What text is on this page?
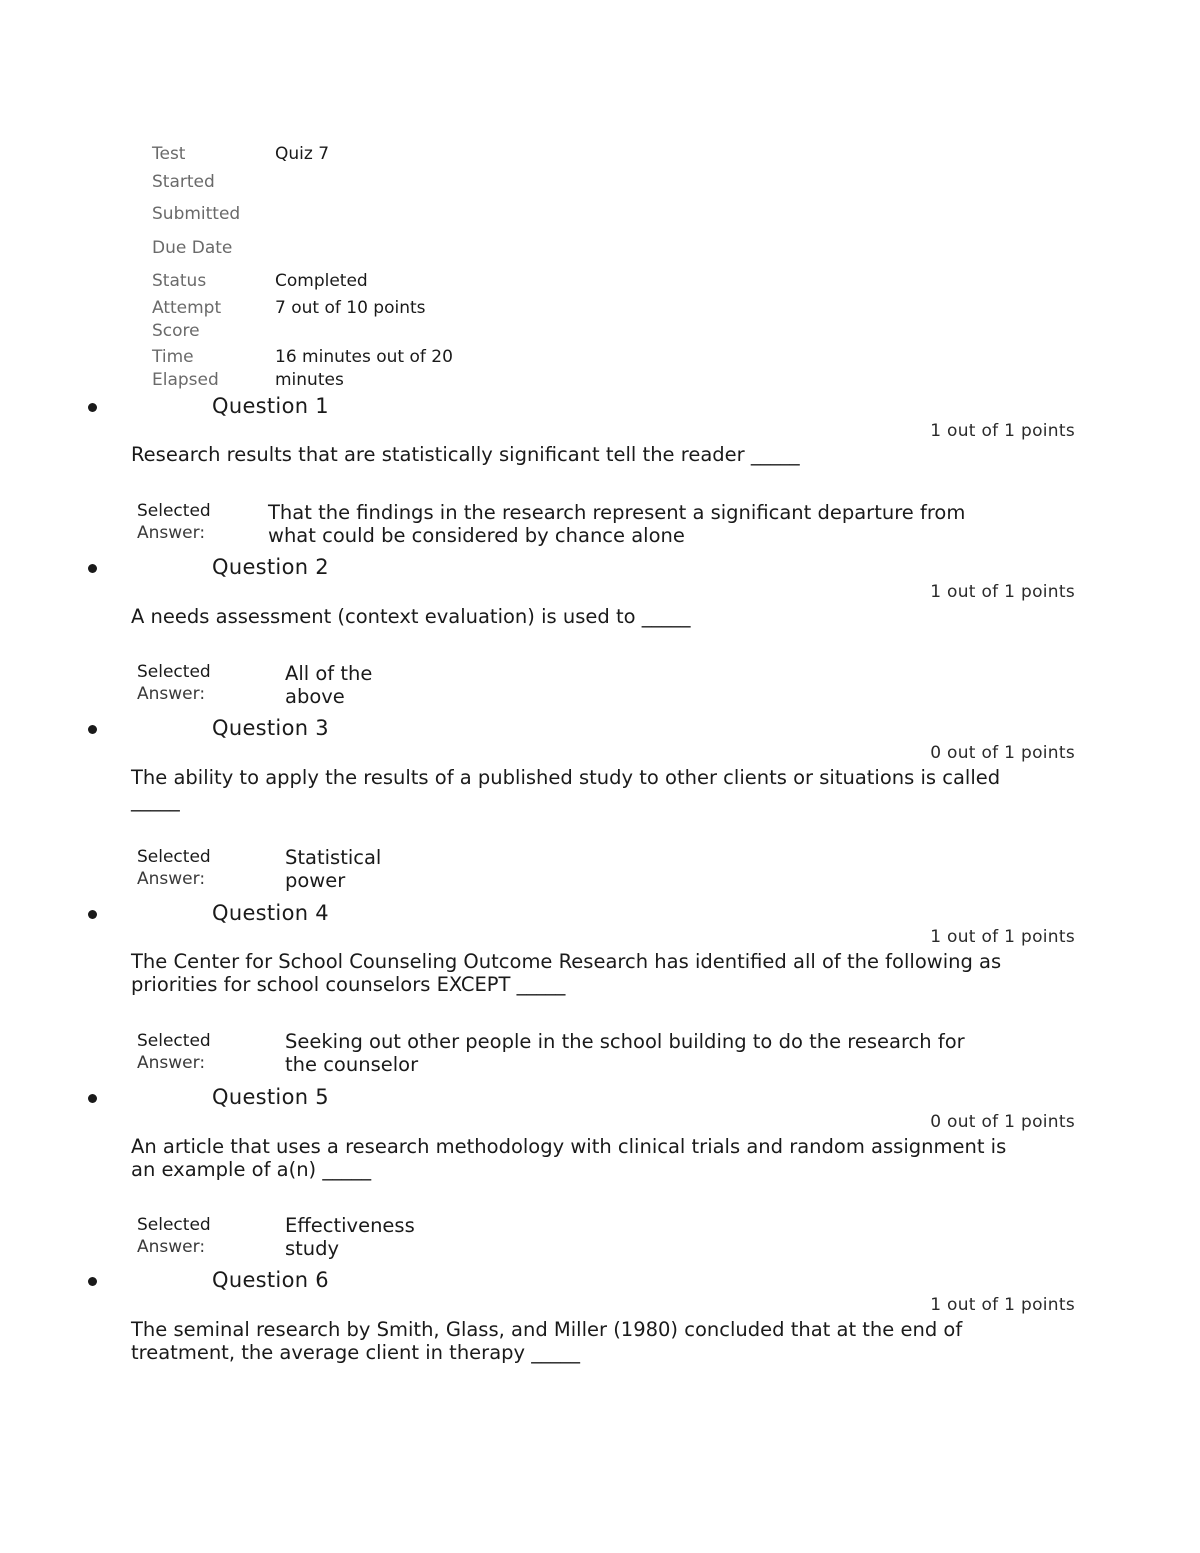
Test	Quiz 7
Started
Submitted
Due Date
Status	Completed
Attempt
Score
7 out of 10 points
Time
Elapsed
16 minutes out of 20
minutes
Question 1
1 out of 1 points
Research results that are statistically significant tell the reader _____
Selected
Answer:
That the findings in the research represent a significant departure from what could be considered by chance alone
Question 2
1 out of 1 points
A needs assessment (context evaluation) is used to _____
Selected
Answer:
All of the above
Question 3
0 out of 1 points
The ability to apply the results of a published study to other clients or situations is called _____
Selected
Answer:
Statistical power
Question 4
1 out of 1 points
The Center for School Counseling Outcome Research has identified all of the following as priorities for school counselors EXCEPT _____
Selected
Answer:
Seeking out other people in the school building to do the research for the counselor
Question 5
0 out of 1 points
An article that uses a research methodology with clinical trials and random assignment is an example of a(n) _____
Selected
Answer:
Effectiveness study
Question 6
1 out of 1 points
The seminal research by Smith, Glass, and Miller (1980) concluded that at the end of treatment, the average client in therapy _____
